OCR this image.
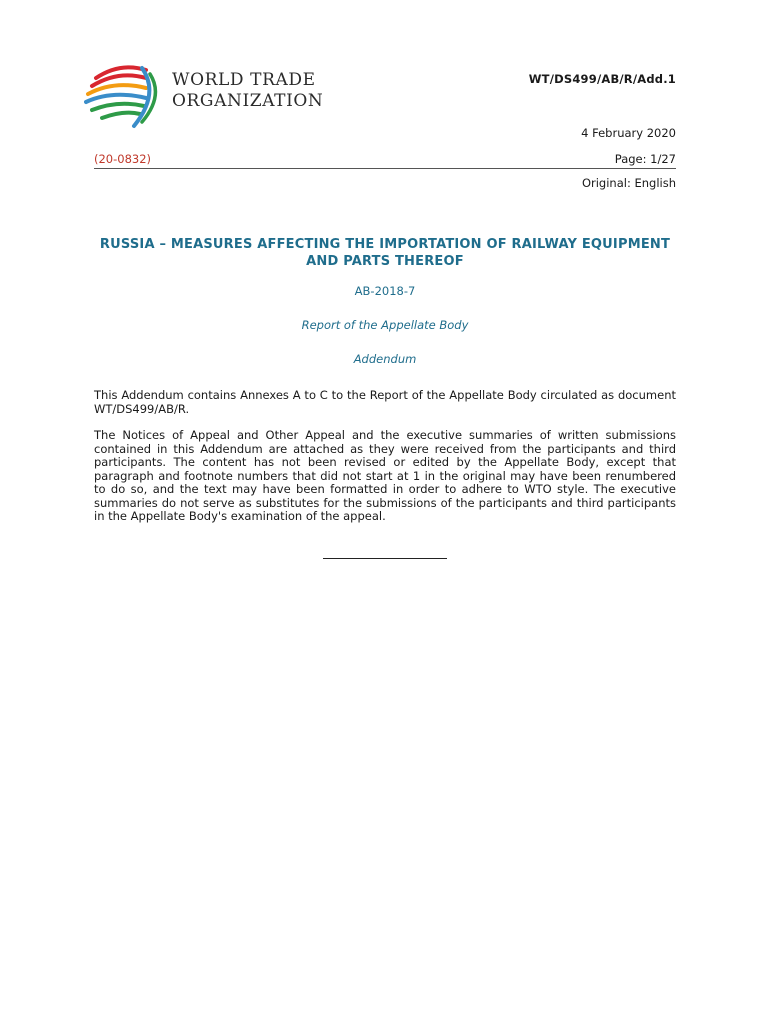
WORLD TRADE
ORGANIZATION
WT/DS499/AB/R/Add.1
4 February 2020
(20-0832)	Page: 1/27
Original: English
RUSSIA – MEASURES AFFECTING THE IMPORTATION OF RAILWAY EQUIPMENT AND PARTS THEREOF
AB-2018-7
Report of the Appellate Body
Addendum
This Addendum contains Annexes A to C to the Report of the Appellate Body circulated as document WT/DS499/AB/R.
The Notices of Appeal and Other Appeal and the executive summaries of written submissions contained in this Addendum are attached as they were received from the participants and third participants. The content has not been revised or edited by the Appellate Body, except that paragraph and footnote numbers that did not start at 1 in the original may have been renumbered to do so, and the text may have been formatted in order to adhere to WTO style. The executive summaries do not serve as substitutes for the submissions of the participants and third participants in the Appellate Body's examination of the appeal.
